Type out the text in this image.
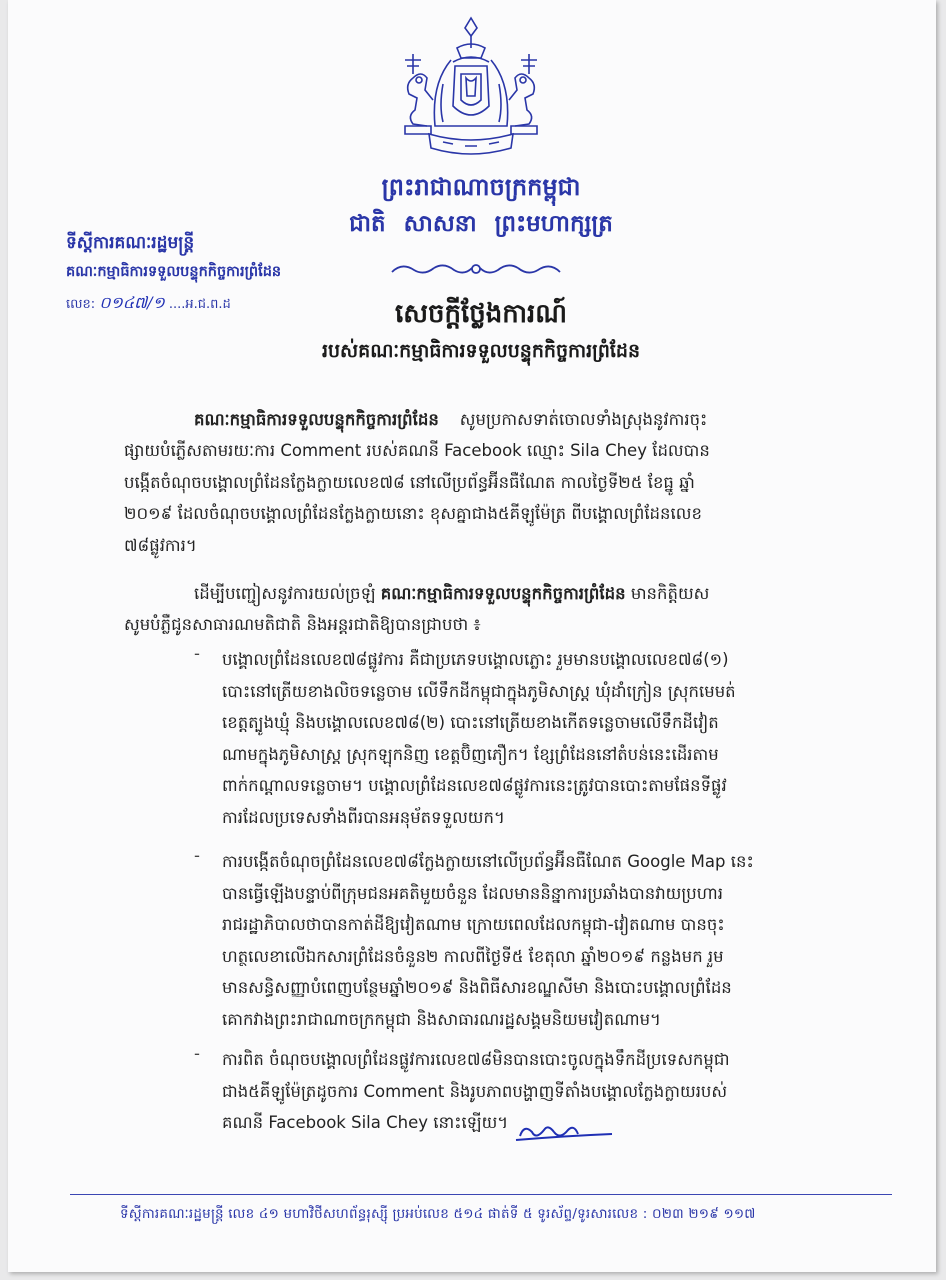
ព្រះរាជាណាចក្រកម្ពុជា
ជាតិ សាសនា ព្រះមហាក្សត្រ
ទីស្តីការគណៈរដ្ឋមន្ត្រី
គណៈកម្មាធិការទទួលបន្ទុកកិច្ចការព្រំដែន
លេខ: ០១៤៧/១ ....អ.ជ.ព.ដ	សេចក្តីថ្លែងការណ៍
របស់គណៈកម្មាធិការទទួលបន្ទុកកិច្ចការព្រំដែន
គណៈកម្មាធិការទទួលបន្ទុកកិច្ចការព្រំដែន សូមប្រកាសទាត់ចោលទាំងស្រុងនូវការចុះ
ផ្សាយបំភ្លើសតាមរយៈការ Comment របស់គណនី Facebook ឈ្មោះ Sila Chey ដែលបាន
បង្កើតចំណុចបង្គោលព្រំដែនក្លែងក្លាយលេខ៧៨ នៅលើប្រព័ន្ធអ៊ីនធឺណែត កាលថ្ងៃទី២៥ ខែធ្នូ ឆ្នាំ
២០១៩ ដែលចំណុចបង្គោលព្រំដែនក្លែងក្លាយនោះ ខុសគ្នាជាង៥គីឡូម៉ែត្រ ពីបង្គោលព្រំដែនលេខ
៧៨ផ្លូវការ។
ដើម្បីបញ្ជៀសនូវការយល់ច្រឡំ គណៈកម្មាធិការទទួលបន្ទុកកិច្ចការព្រំដែន មានកិត្តិយស
សូមបំភ្លឺជូនសាធារណមតិជាតិ និងអន្តរជាតិឱ្យបានជ្រាបថា ៖
- បង្គោលព្រំដែនលេខ៧៨ផ្លូវការ គឺជាប្រភេទបង្គោលភ្លោះ រួមមានបង្គោលលេខ៧៨(១)
បោះនៅត្រើយខាងលិចទន្លេចាម លើទឹកដីកម្ពុជាក្នុងភូមិសាស្ត្រ ឃុំដាំក្រៀន ស្រុកមេមត់
ខេត្តត្បូងឃ្មុំ និងបង្គោលលេខ៧៨(២) បោះនៅត្រើយខាងកើតទន្លេចាមលើទឹកដីវៀត
ណាមក្នុងភូមិសាស្ត្រ ស្រុកឡុកនិញ ខេត្តប៊ិញភឿក។ ខ្សែព្រំដែននៅតំបន់នេះដើរតាម
ពាក់កណ្តាលទន្លេចាម។ បង្គោលព្រំដែនលេខ៧៨ផ្លូវការនេះត្រូវបានបោះតាមផែនទីផ្លូវ
ការដែលប្រទេសទាំងពីរបានអនុម័តទទួលយក។
- ការបង្កើតចំណុចព្រំដែនលេខ៧៨ក្លែងក្លាយនៅលើប្រព័ន្ធអ៊ីនធឺណែត Google Map នេះ
បានធ្វើឡើងបន្ទាប់ពីក្រុមជនអគតិមួយចំនួន ដែលមាននិន្នាការប្រឆាំងបានវាយប្រហារ
រាជរដ្ឋាភិបាលថាបានកាត់ដីឱ្យវៀតណាម ក្រោយពេលដែលកម្ពុជា-វៀតណាម បានចុះ
ហត្ថលេខាលើឯកសារព្រំដែនចំនួន២ កាលពីថ្ងៃទី៥ ខែតុលា ឆ្នាំ២០១៩ កន្លងមក រួម
មានសន្ធិសញ្ញាបំពេញបន្ថែមឆ្នាំ២០១៩ និងពិធីសារខណ្ឌសីមា និងបោះបង្គោលព្រំដែន
គោកវាងព្រះរាជាណាចក្រកម្ពុជា និងសាធារណរដ្ឋសង្គមនិយមវៀតណាម។
- ការពិត ចំណុចបង្គោលព្រំដែនផ្លូវការលេខ៧៨មិនបានបោះចូលក្នុងទឹកដីប្រទេសកម្ពុជា
ជាង៥គីឡូម៉ែត្រដូចការ Comment និងរូបភាពបង្ហាញទីតាំងបង្គោលក្លែងក្លាយរបស់
គណនី Facebook Sila Chey នោះឡើយ។
ទីស្តីការគណៈរដ្ឋមន្ត្រី លេខ ៤១ មហាវិថីសហព័ន្ធរុស្ស៊ី ប្រអប់លេខ ៥១៤ ផាត់ទី ៥ ទូរស័ព្ទ/ទូរសារលេខ : ០២៣ ២១៩ ១១៧
